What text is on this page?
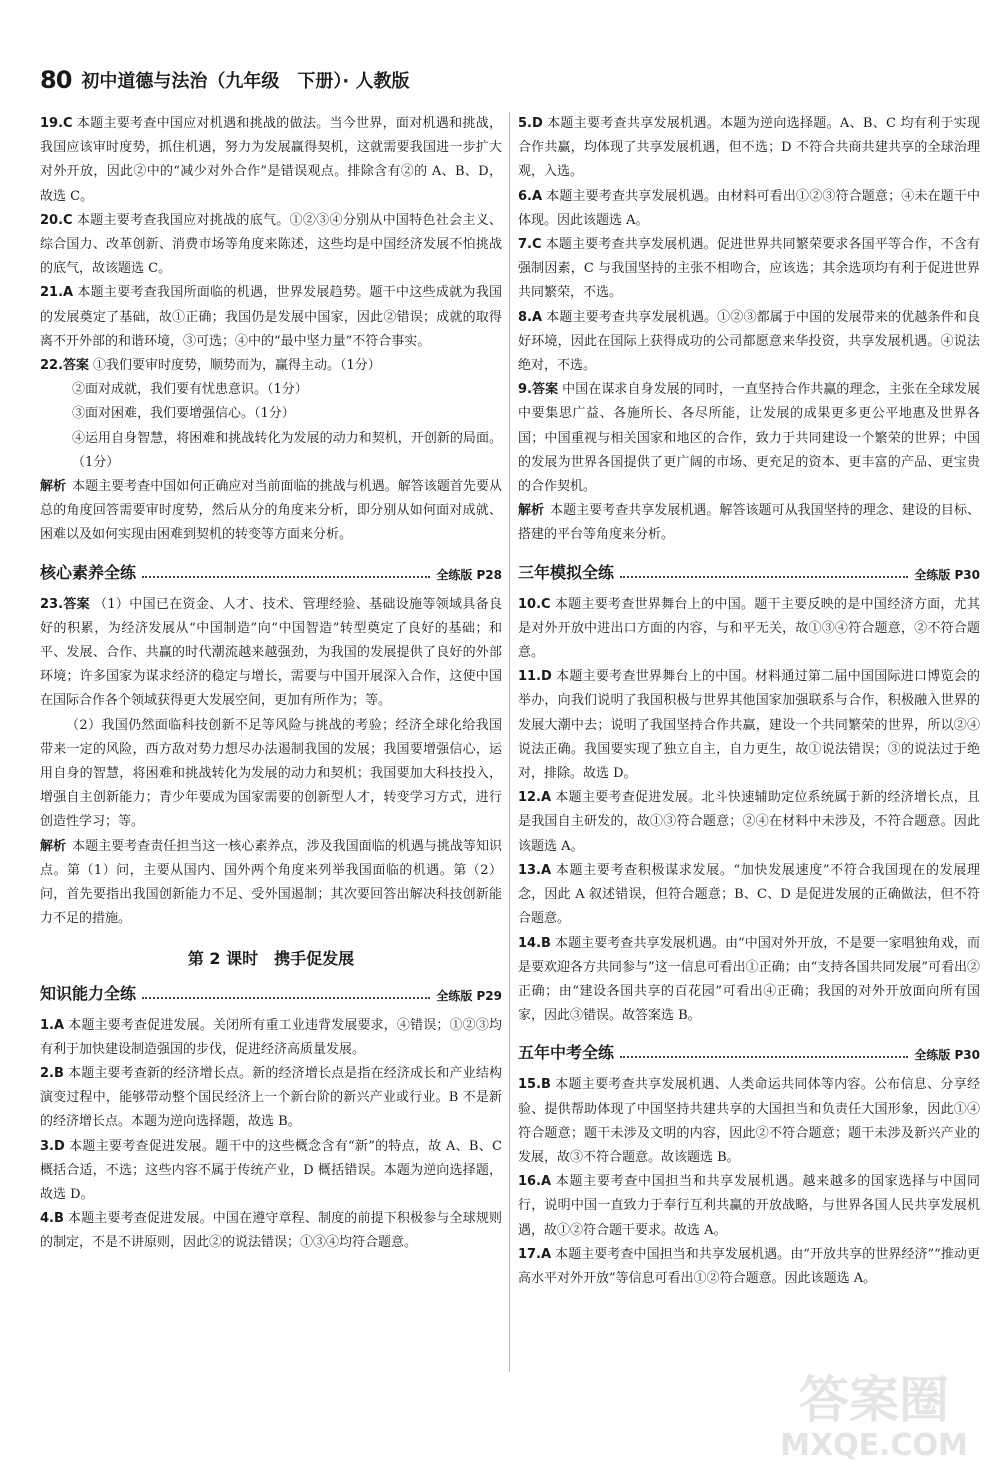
80 初中道德与法治（九年级　下册）· 人教版

19.C 本题主要考查中国应对机遇和挑战的做法。当今世界，面对机遇和挑战，我国应该审时度势，抓住机遇，努力为发展赢得契机，这就需要我国进一步扩大对外开放，因此②中的“减少对外合作”是错误观点。排除含有②的 A、B、D，故选 C。

20.C 本题主要考查我国应对挑战的底气。①②③④分别从中国特色社会主义、综合国力、改革创新、消费市场等角度来陈述，这些均是中国经济发展不怕挑战的底气，故该题选 C。

21.A 本题主要考查我国所面临的机遇，世界发展趋势。题干中这些成就为我国的发展奠定了基础，故①正确；我国仍是发展中国家，因此②错误；成就的取得离不开外部的和谐环境，③可选；④中的“最中坚力量”不符合事实。

22.答案 ①我们要审时度势，顺势而为，赢得主动。（1分）

②面对成就，我们要有忧患意识。（1分）

③面对困难，我们要增强信心。（1分）

④运用自身智慧，将困难和挑战转化为发展的动力和契机，开创新的局面。（1分）

解析 本题主要考查中国如何正确应对当前面临的挑战与机遇。解答该题首先要从总的角度回答需要审时度势，然后从分的角度来分析，即分别从如何面对成就、困难以及如何实现由困难到契机的转变等方面来分析。

核心素养全练	全练版 P28

23.答案 （1）中国已在资金、人才、技术、管理经验、基础设施等领域具备良好的积累，为经济发展从“中国制造”向“中国智造”转型奠定了良好的基础；和平、发展、合作、共赢的时代潮流越来越强劲，为我国的发展提供了良好的外部环境；许多国家为谋求经济的稳定与增长，需要与中国开展深入合作，这使中国在国际合作各个领域获得更大发展空间，更加有所作为；等。

（2）我国仍然面临科技创新不足等风险与挑战的考验；经济全球化给我国带来一定的风险，西方敌对势力想尽办法遏制我国的发展；我国要增强信心，运用自身的智慧，将困难和挑战转化为发展的动力和契机；我国要加大科技投入，增强自主创新能力；青少年要成为国家需要的创新型人才，转变学习方式，进行创造性学习；等。

解析 本题主要考查责任担当这一核心素养点，涉及我国面临的机遇与挑战等知识点。第（1）问，主要从国内、国外两个角度来列举我国面临的机遇。第（2）问，首先要指出我国创新能力不足、受外国遏制；其次要回答出解决科技创新能力不足的措施。

第 2 课时　携手促发展
知识能力全练	全练版 P29

1.A 本题主要考查促进发展。关闭所有重工业违背发展要求，④错误；①②③均有利于加快建设制造强国的步伐，促进经济高质量发展。

2.B 本题主要考查新的经济增长点。新的经济增长点是指在经济成长和产业结构演变过程中，能够带动整个国民经济上一个新台阶的新兴产业或行业。B 不是新的经济增长点。本题为逆向选择题，故选 B。

3.D 本题主要考查促进发展。题干中的这些概念含有“新”的特点，故 A、B、C 概括合适，不选；这些内容不属于传统产业，D 概括错误。本题为逆向选择题，故选 D。

4.B 本题主要考查促进发展。中国在遵守章程、制度的前提下积极参与全球规则的制定，不是不讲原则，因此②的说法错误；①③④均符合题意。

5.D 本题主要考查共享发展机遇。本题为逆向选择题。A、B、C 均有利于实现合作共赢，均体现了共享发展机遇，但不选；D 不符合共商共建共享的全球治理观，入选。

6.A 本题主要考查共享发展机遇。由材料可看出①②③符合题意；④未在题干中体现。因此该题选 A。

7.C 本题主要考查共享发展机遇。促进世界共同繁荣要求各国平等合作，不含有强制因素，C 与我国坚持的主张不相吻合，应该选；其余选项均有利于促进世界共同繁荣，不选。

8.A 本题主要考查共享发展机遇。①②③都属于中国的发展带来的优越条件和良好环境，因此在国际上获得成功的公司都愿意来华投资，共享发展机遇。④说法绝对，不选。

9.答案 中国在谋求自身发展的同时，一直坚持合作共赢的理念，主张在全球发展中要集思广益、各施所长、各尽所能，让发展的成果更多更公平地惠及世界各国；中国重视与相关国家和地区的合作，致力于共同建设一个繁荣的世界；中国的发展为世界各国提供了更广阔的市场、更充足的资本、更丰富的产品、更宝贵的合作契机。

解析 本题主要考查共享发展机遇。解答该题可从我国坚持的理念、建设的目标、搭建的平台等角度来分析。

三年模拟全练	全练版 P30

10.C 本题主要考查世界舞台上的中国。题干主要反映的是中国经济方面，尤其是对外开放中进出口方面的内容，与和平无关，故①③④符合题意，②不符合题意。

11.D 本题主要考查世界舞台上的中国。材料通过第二届中国国际进口博览会的举办，向我们说明了我国积极与世界其他国家加强联系与合作，积极融入世界的发展大潮中去；说明了我国坚持合作共赢，建设一个共同繁荣的世界，所以②④说法正确。我国要实现了独立自主，自力更生，故①说法错误；③的说法过于绝对，排除。故选 D。

12.A 本题主要考查促进发展。北斗快速辅助定位系统属于新的经济增长点，且是我国自主研发的，故①③符合题意；②④在材料中未涉及，不符合题意。因此该题选 A。

13.A 本题主要考查积极谋求发展。“加快发展速度”不符合我国现在的发展理念，因此 A 叙述错误，但符合题意；B、C、D 是促进发展的正确做法，但不符合题意。

14.B 本题主要考查共享发展机遇。由“中国对外开放，不是要一家唱独角戏，而是要欢迎各方共同参与”这一信息可看出①正确；由“支持各国共同发展”可看出②正确；由“建设各国共享的百花园”可看出④正确；我国的对外开放面向所有国家，因此③错误。故答案选 B。

五年中考全练	全练版 P30

15.B 本题主要考查共享发展机遇、人类命运共同体等内容。公布信息、分享经验、提供帮助体现了中国坚持共建共享的大国担当和负责任大国形象，因此①④符合题意；题干未涉及文明的内容，因此②不符合题意；题干未涉及新兴产业的发展，故③不符合题意。故该题选 B。

16.A 本题主要考查中国担当和共享发展机遇。越来越多的国家选择与中国同行，说明中国一直致力于奉行互利共赢的开放战略，与世界各国人民共享发展机遇，故①②符合题干要求。故选 A。

17.A 本题主要考查中国担当和共享发展机遇。由“开放共享的世界经济”“推动更高水平对外开放”等信息可看出①②符合题意。因此该题选 A。

答案圈
MXQE.COM
